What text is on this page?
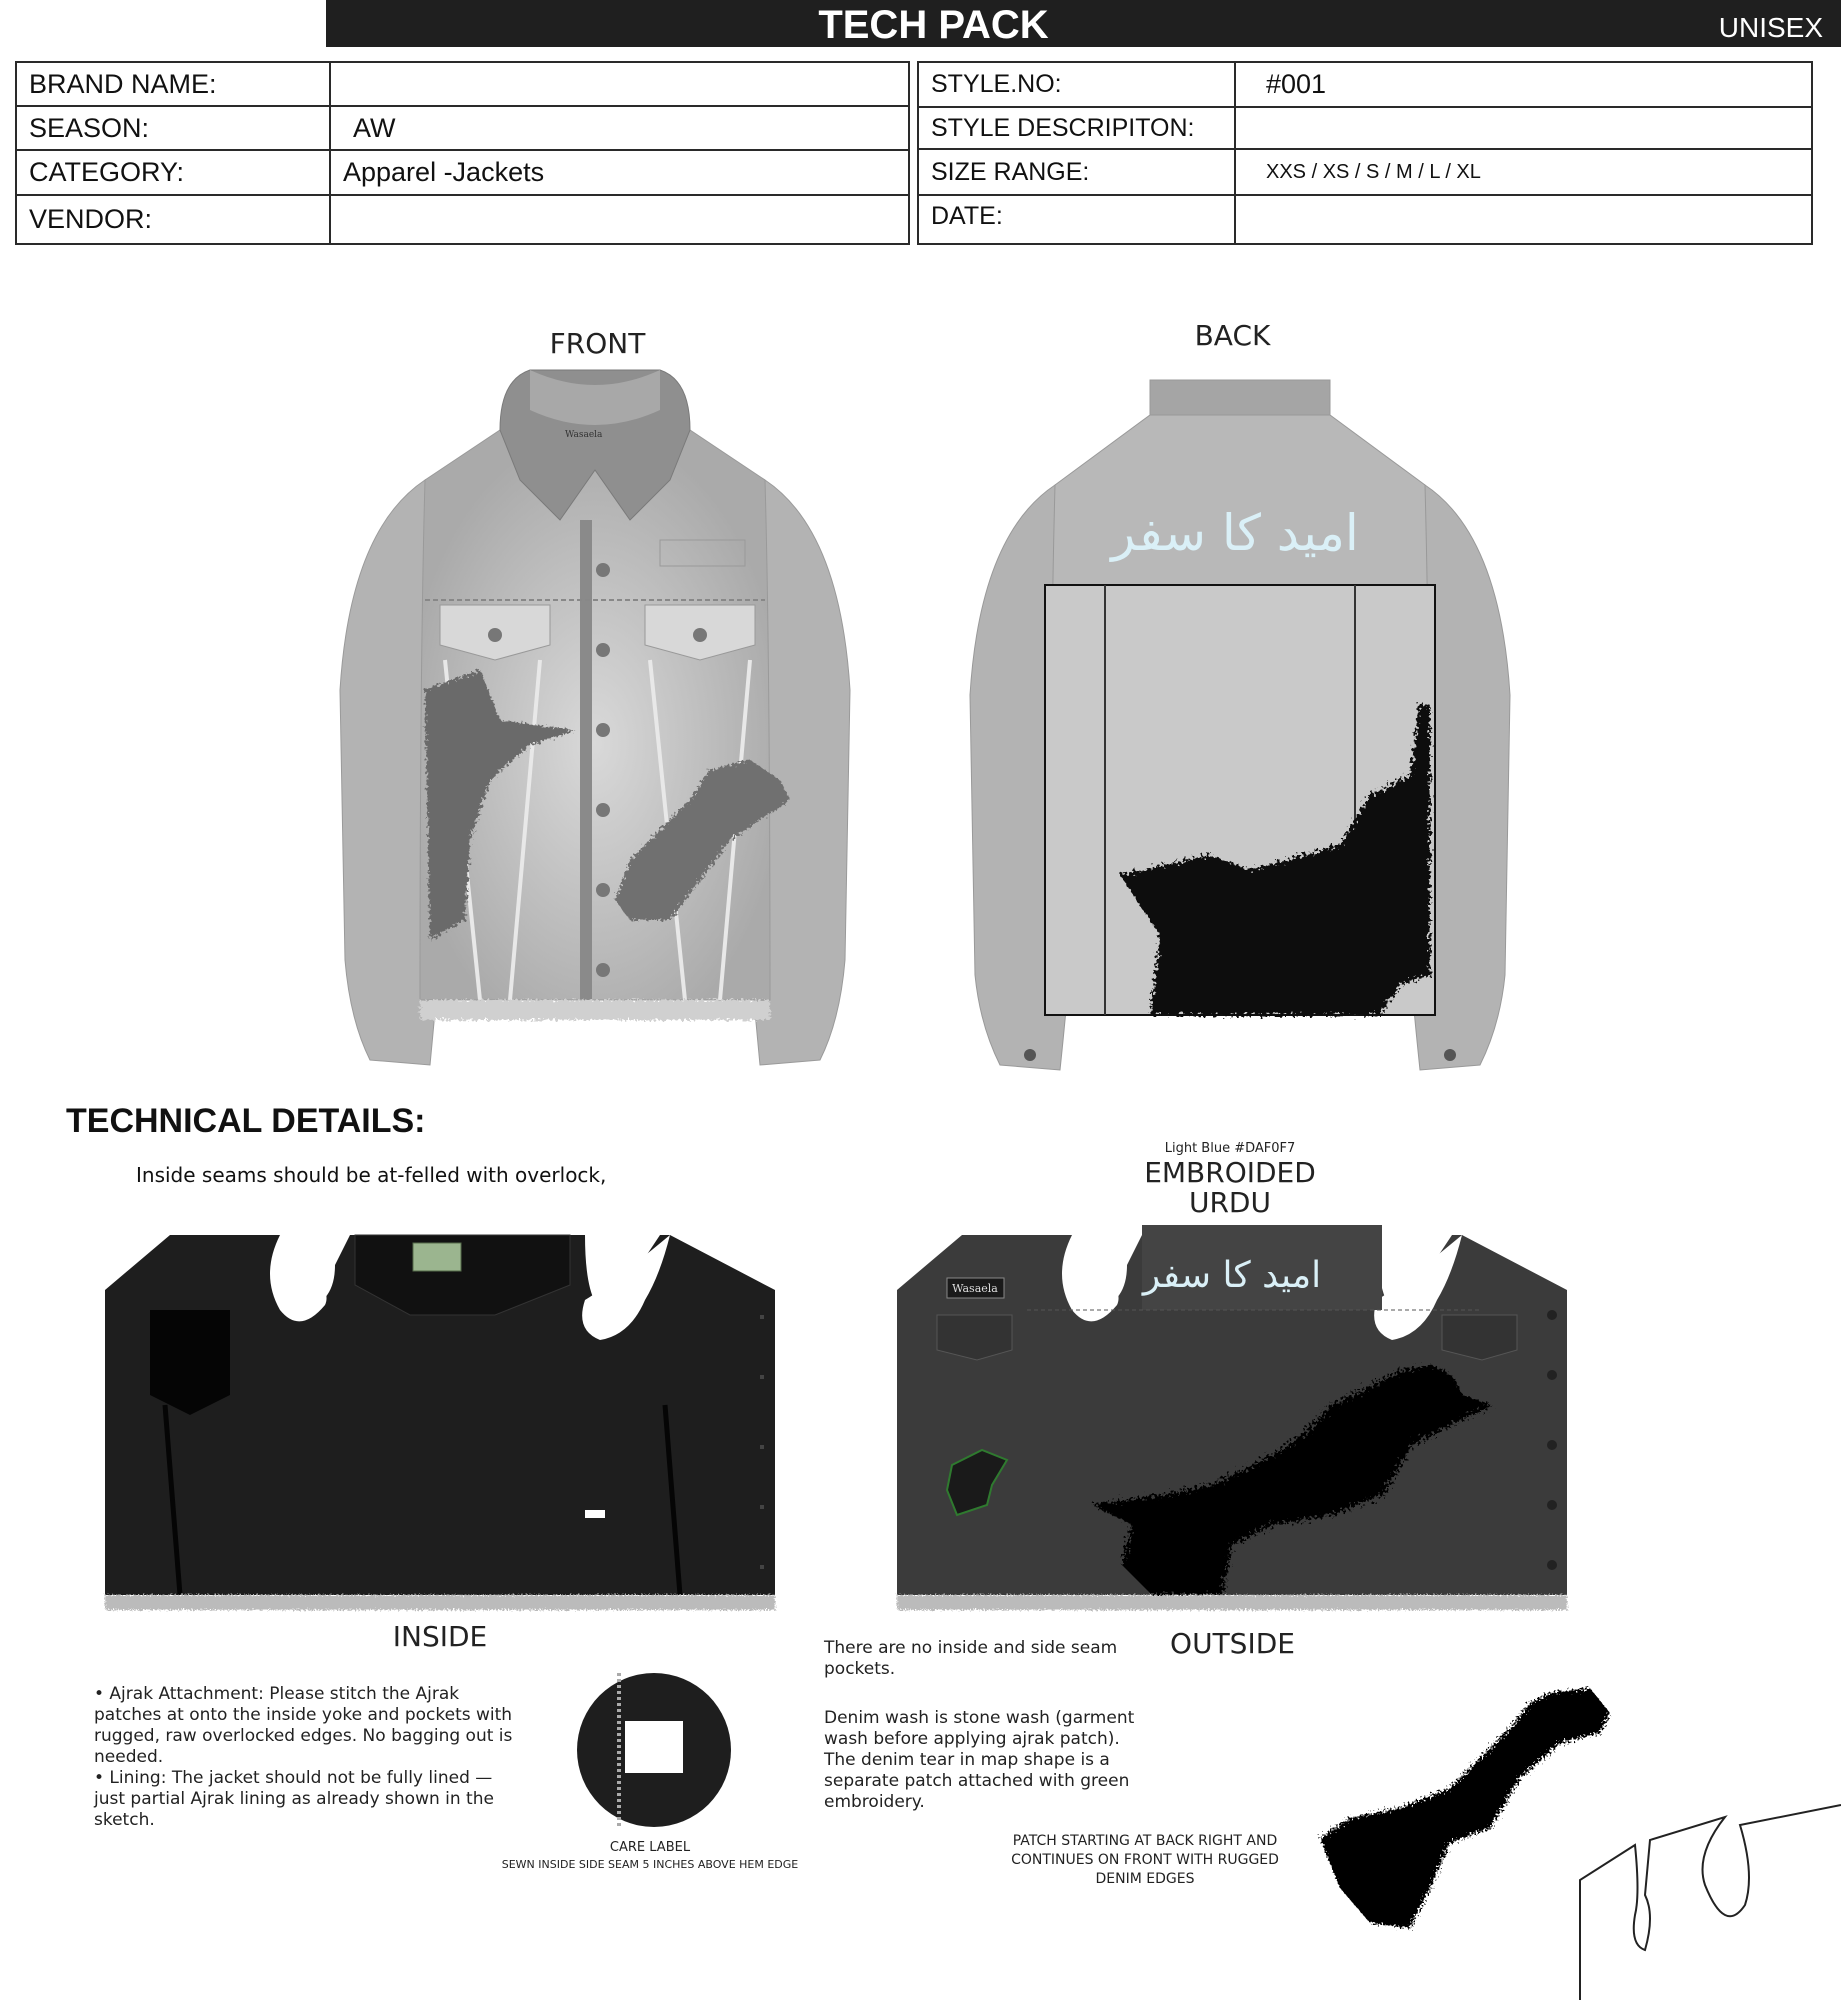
TECH PACK	UNISEX
BRAND NAME:	
SEASON:	AW
CATEGORY:	Apparel -Jackets
VENDOR:	
STYLE.NO:	#001
STYLE DESCRIPITON:	
SIZE RANGE:	XXS / XS / S / M / L / XL
DATE:	
FRONT	BACK
Wasaela
امید کا سفر
TECHNICAL DETAILS:
Inside seams should be at-felled with overlock,
Light Blue #DAF0F7
EMBROIDED
URDU
Wasaela	امید کا سفر
INSIDE	OUTSIDE
• Ajrak Attachment: Please stitch the Ajrak patches at onto the inside yoke and pockets with rugged, raw overlocked edges. No bagging out is needed.
• Lining: The jacket should not be fully lined — just partial Ajrak lining as already shown in the sketch.
CARE LABEL
SEWN INSIDE SIDE SEAM 5 INCHES ABOVE HEM EDGE
There are no inside and side seam pockets.
Denim wash is stone wash (garment wash before applying ajrak patch). The denim tear in map shape is a separate patch attached with green embroidery.
PATCH STARTING AT BACK RIGHT AND CONTINUES ON FRONT WITH RUGGED DENIM EDGES
